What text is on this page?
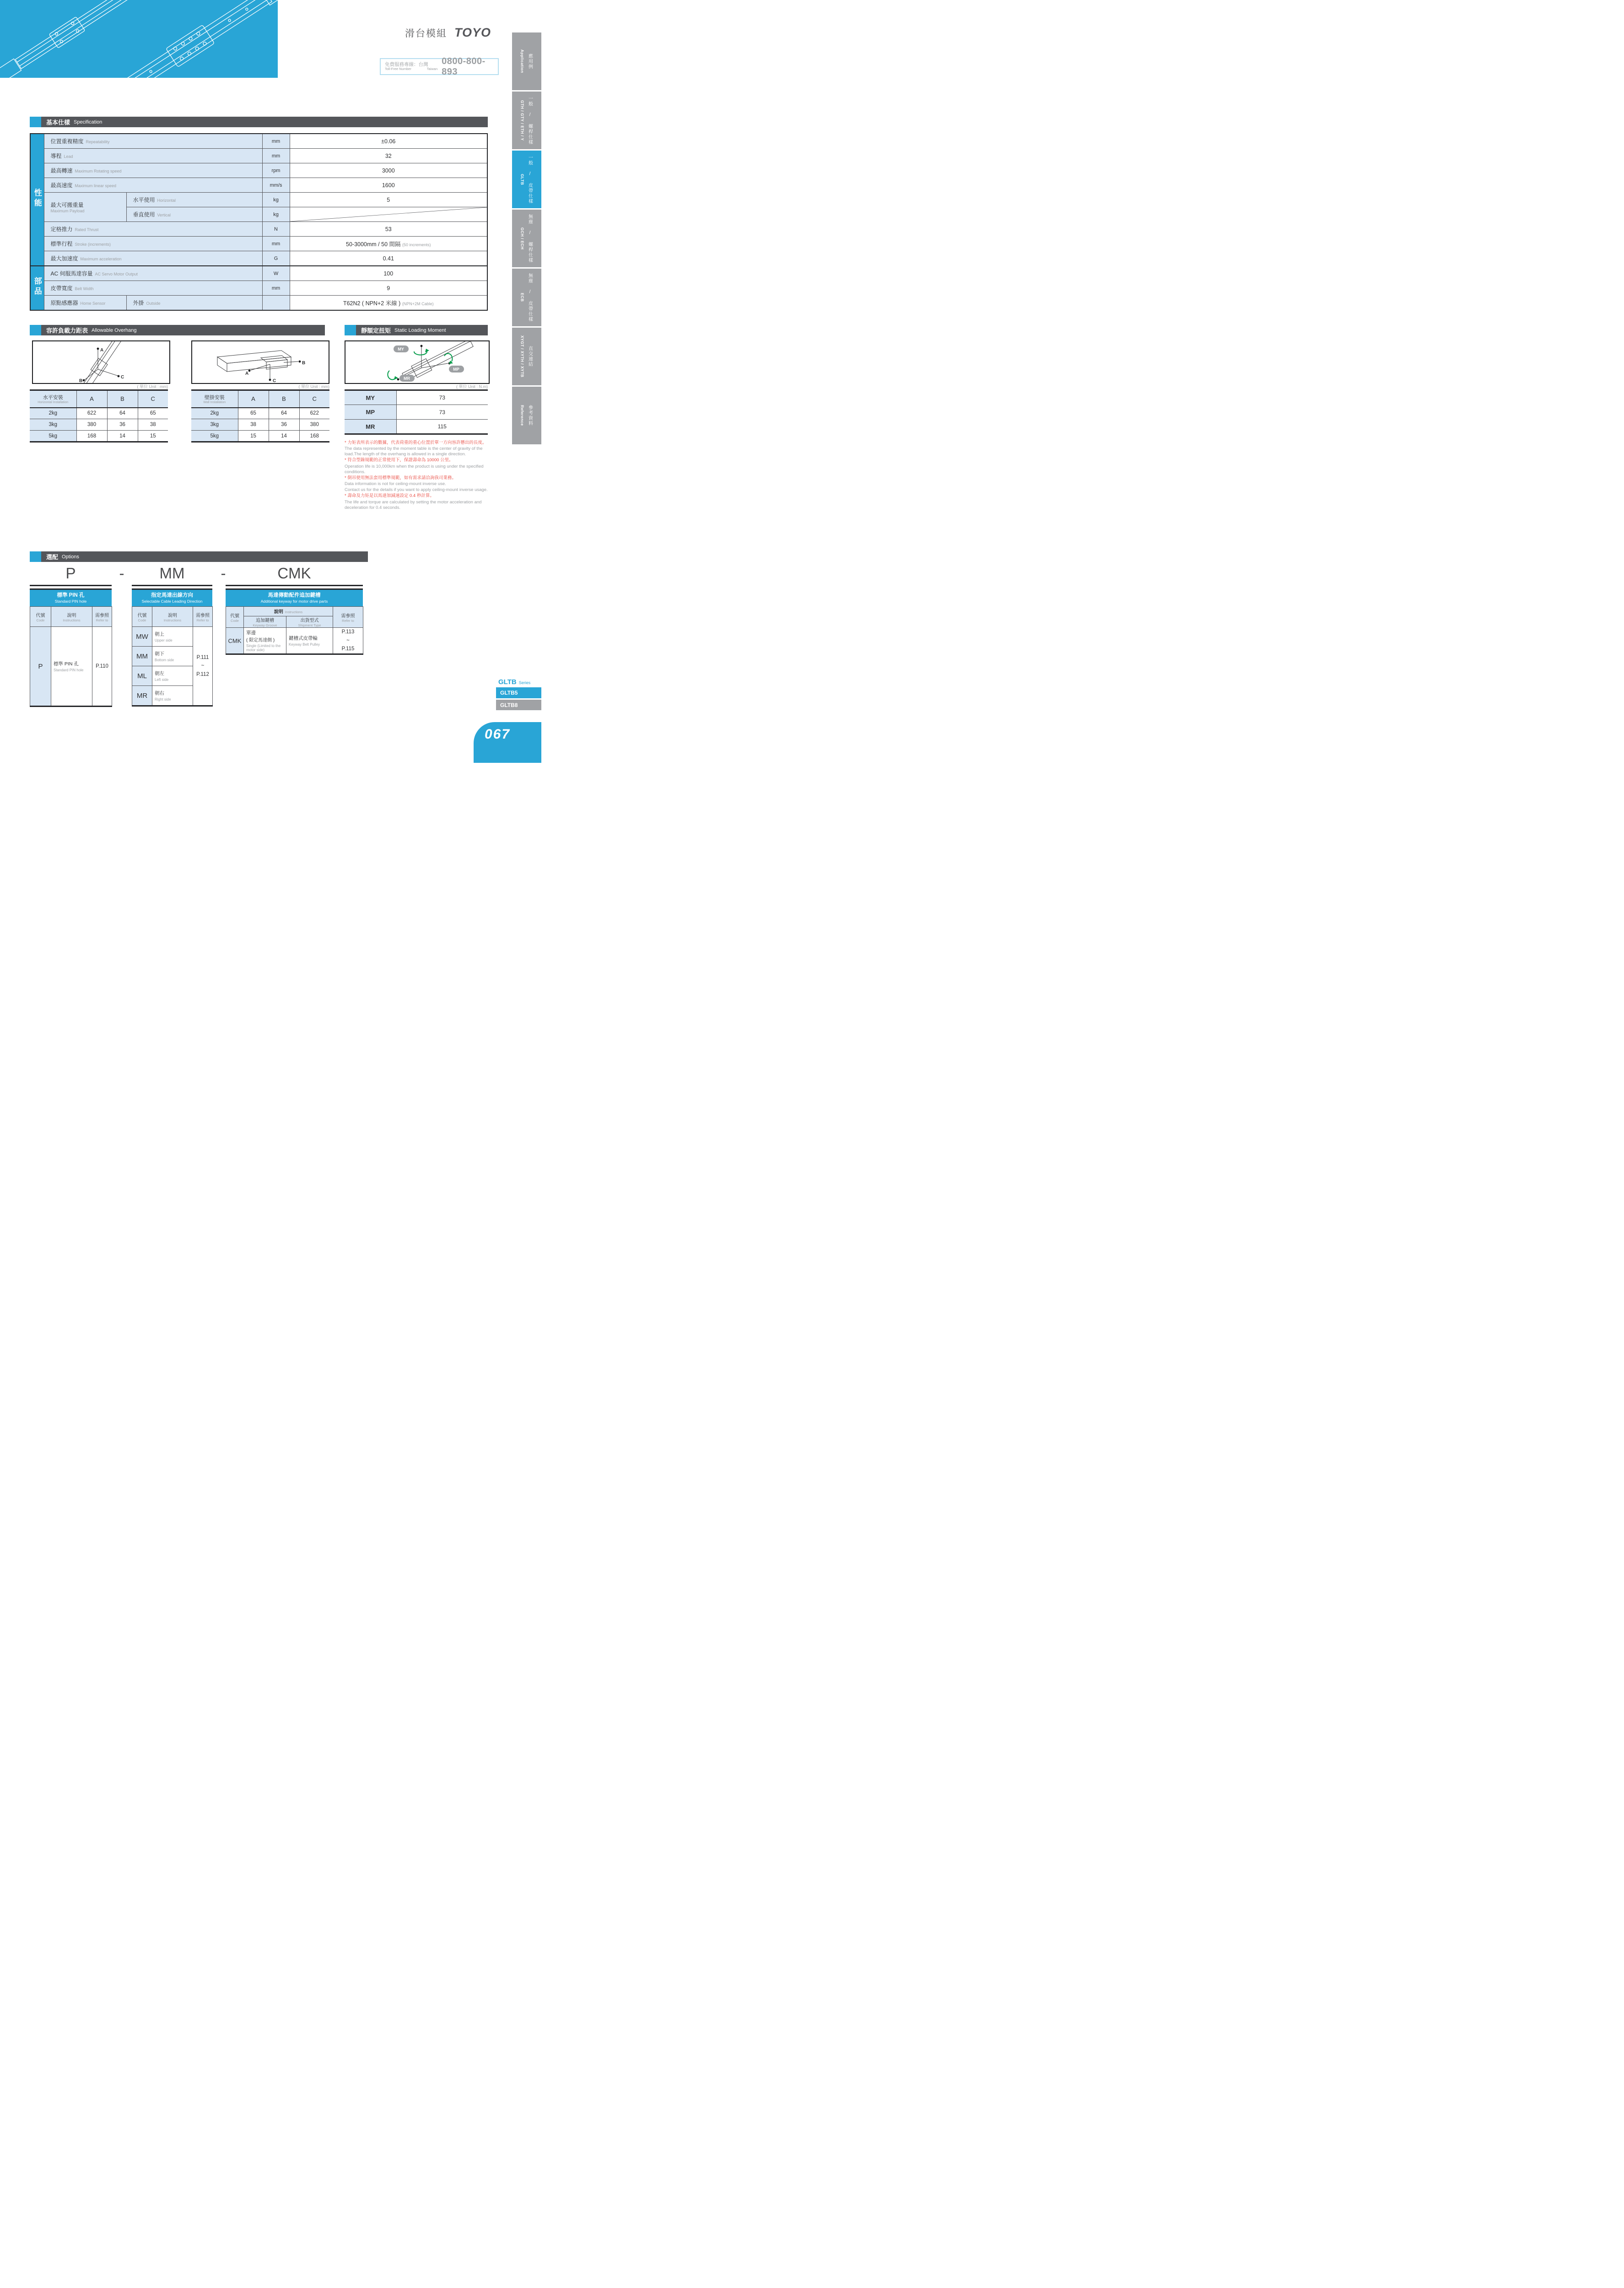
滑台模組 TOYO
免費服務專線：台灣
Toll-Free Number	Taiwan
0800-800-893	Application 應用例
GTH / GTY / ETH / Y 一般 / 螺桿仕樣
GLTB 一般 / 皮帶仕樣
GCH / ECH 無塵 / 螺桿仕樣
ECB 無塵 / 皮帶仕樣
XYGT / XYTH / XYTB 直交連結
Reference 參考資料
基本仕樣 Specification
性能	位置重複精度 Repeatability		mm	±0.06
	導程 Lead		mm	32
	最高轉速 Maximum Rotating speed		rpm	3000
	最高速度 Maximum linear speed		mm/s	1600

	最大可搬重量
Maximum Payload	水平使用 Horizontal	kg	5
		垂直使用 Vertical	kg	

	定格推力 Rated Thrust		N	53
	標準行程 Stroke (increments)		mm	50-3000mm / 50 間隔 (50 increments)
	最大加速度 Maximum acceleration		G	0.41
部品	AC 伺服馬達容量 AC Servo Motor Output		W	100
	皮帶寬度 Belt Width		mm	9
	原點感應器 Home Sensor	外掛 Outside		T62N2 ( NPN+2 米線 ) (NPN+2M Cable)
容許負載力距表 Allowable Overhang
A
B
C
A
B
C
( 單位 Unit : mm)	( 單位 Unit : mm)
水平安裝
Horizontal Installation	A	B	C
2kg	622	64	65
3kg	380	36	38
5kg	168	14	15
壁掛安裝
Wall Installation	A	B	C
2kg	65	64	622
3kg	38	36	380
5kg	15	14	168
靜額定扭矩 Static Loading Moment
MY
MP
MR
( 單位 Unit : N.m)
MY	73
MP	73
MR	115

* 力矩表所表示的數據，代表荷重的重心位置於單一方向容許懸出的長度。

The data represented by the moment table is the center of gravity of the load.The length of the overhang is allowed in a single direction.

* 符合型錄規範的正常使用下，保證壽命為 10000 公里。

Operation life is 10,000km when the product is using under the specified conditions.

* 倒吊使用無法套用標準規範，如有需求請洽詢我司業務。

Data information is not for ceiling-mount inverse use.

Contact us for the details if you want to apply ceiling-mount inverse usage.

* 壽命及力矩是以馬達加減速設定 0.4 秒計算。

The life and torque are calculated by setting the motor acceleration and deceleration for 0.4 seconds.

選配 Options
P	-	MM	-	CMK
標準 PIN 孔
Standard PIN hole
指定馬達出線方向
Selectable Cable Leading Direction
馬達傳動配件追加鍵槽
Additional keyway for motor drive parts
代號
Code	說明
Instructions	需參照
Refer to

P	標準 PIN 孔
Standard PIN hole	P.110
代號
Code	說明
Instructions	需參照
Refer to

MW	朝上
Upper side	P.111
~
P.112

MM	朝下
Bottom side	

ML	朝左
Left side	

MR	朝右
Right side	
代號
Code	說明 Instructions		需參照
Refer to

	追加鍵槽
Keyway Groove	出貨型式
Shipment Type	

CMK	單邊
( 限定馬達側 )
Single (Limited to the motor side)	鍵槽式皮帶輪
Keyway Belt Pulley	P.113
~
P.115
GLTB Series
GLTB5
GLTB8
067
